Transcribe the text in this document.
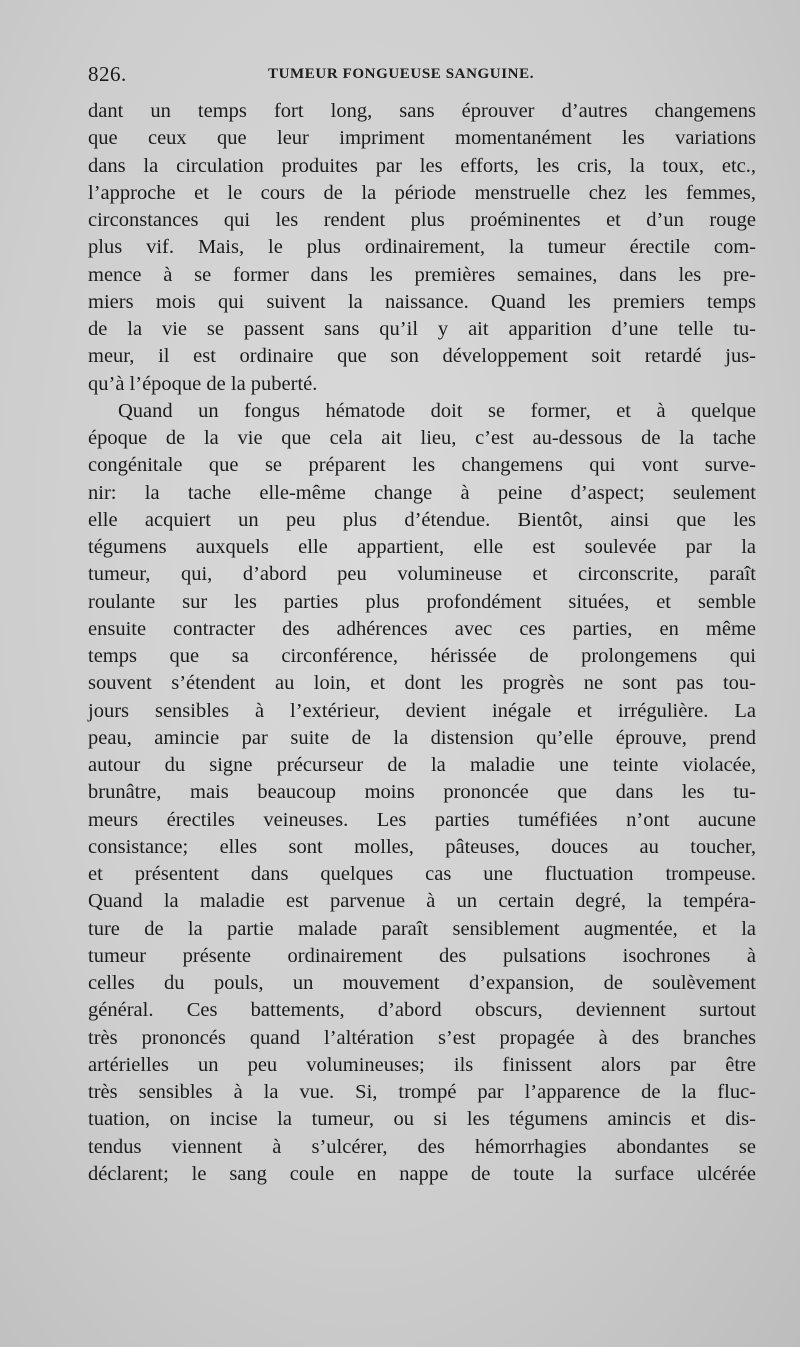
826.	TUMEUR FONGUEUSE SANGUINE.
dant un temps fort long, sans éprouver d’autres changemens
que ceux que leur impriment momentanément les variations
dans la circulation produites par les efforts, les cris, la toux, etc.,
l’approche et le cours de la période menstruelle chez les femmes,
circonstances qui les rendent plus proéminentes et d’un rouge
plus vif. Mais, le plus ordinairement, la tumeur érectile com-
mence à se former dans les premières semaines, dans les pre-
miers mois qui suivent la naissance. Quand les premiers temps
de la vie se passent sans qu’il y ait apparition d’une telle tu-
meur, il est ordinaire que son développement soit retardé jus-
qu’à l’époque de la puberté.
Quand un fongus hématode doit se former, et à quelque
époque de la vie que cela ait lieu, c’est au-dessous de la tache
congénitale que se préparent les changemens qui vont surve-
nir: la tache elle-même change à peine d’aspect; seulement
elle acquiert un peu plus d’étendue. Bientôt, ainsi que les
tégumens auxquels elle appartient, elle est soulevée par la
tumeur, qui, d’abord peu volumineuse et circonscrite, paraît
roulante sur les parties plus profondément situées, et semble
ensuite contracter des adhérences avec ces parties, en même
temps que sa circonférence, hérissée de prolongemens qui
souvent s’étendent au loin, et dont les progrès ne sont pas tou-
jours sensibles à l’extérieur, devient inégale et irrégulière. La
peau, amincie par suite de la distension qu’elle éprouve, prend
autour du signe précurseur de la maladie une teinte violacée,
brunâtre, mais beaucoup moins prononcée que dans les tu-
meurs érectiles veineuses. Les parties tuméfiées n’ont aucune
consistance; elles sont molles, pâteuses, douces au toucher,
et présentent dans quelques cas une fluctuation trompeuse.
Quand la maladie est parvenue à un certain degré, la tempéra-
ture de la partie malade paraît sensiblement augmentée, et la
tumeur présente ordinairement des pulsations isochrones à
celles du pouls, un mouvement d’expansion, de soulèvement
général. Ces battements, d’abord obscurs, deviennent surtout
très prononcés quand l’altération s’est propagée à des branches
artérielles un peu volumineuses; ils finissent alors par être
très sensibles à la vue. Si, trompé par l’apparence de la fluc-
tuation, on incise la tumeur, ou si les tégumens amincis et dis-
tendus viennent à s’ulcérer, des hémorrhagies abondantes se
déclarent; le sang coule en nappe de toute la surface ulcérée
